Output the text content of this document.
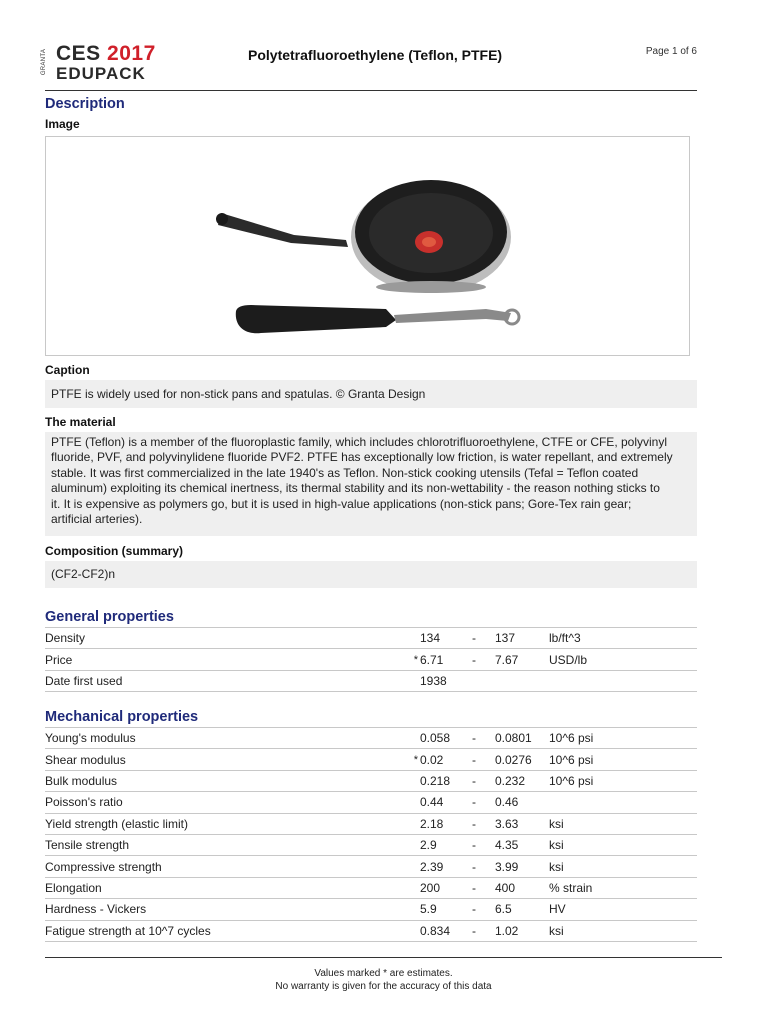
GRANTA CES 2017
EDUPACK
Polytetrafluoroethylene (Teflon, PTFE)	Page 1 of 6
Description
Image
Caption
PTFE is widely used for non-stick pans and spatulas. © Granta Design
The material
PTFE (Teflon) is a member of the fluoroplastic family, which includes chlorotrifluoroethylene, CTFE or CFE, polyvinyl
fluoride, PVF, and polyvinylidene fluoride PVF2. PTFE has exceptionally low friction, is water repellant, and extremely
stable. It was first commercialized in the late 1940's as Teflon. Non-stick cooking utensils (Tefal = Teflon coated
aluminum) exploiting its chemical inertness, its thermal stability and its non-wettability - the reason nothing sticks to
it. It is expensive as polymers go, but it is used in high-value applications (non-stick pans; Gore-Tex rain gear;
artificial arteries).
Composition (summary)
(CF2-CF2)n
General properties
Density		134	-	137	lb/ft^3
Price	*	6.71	-	7.67	USD/lb
Date first used		1938			
Mechanical properties
Young's modulus		0.058	-	0.0801	10^6 psi
Shear modulus	*	0.02	-	0.0276	10^6 psi
Bulk modulus		0.218	-	0.232	10^6 psi
Poisson's ratio		0.44	-	0.46	
Yield strength (elastic limit)		2.18	-	3.63	ksi
Tensile strength		2.9	-	4.35	ksi
Compressive strength		2.39	-	3.99	ksi
Elongation		200	-	400	% strain
Hardness - Vickers		5.9	-	6.5	HV
Fatigue strength at 10^7 cycles		0.834	-	1.02	ksi
Values marked * are estimates.
No warranty is given for the accuracy of this data
